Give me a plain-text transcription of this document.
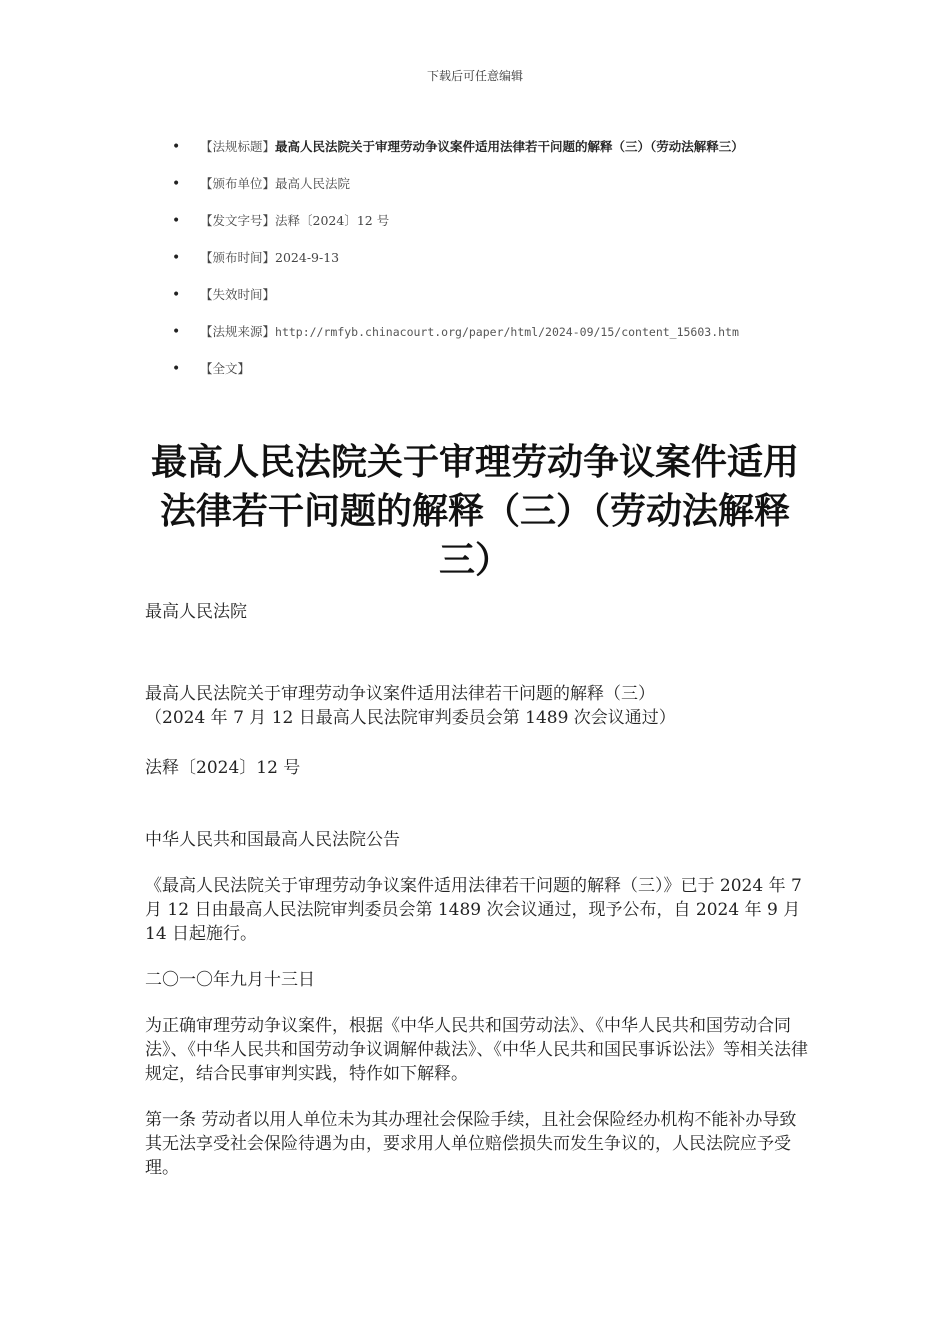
下载后可任意编辑
• 【法规标题】最高人民法院关于审理劳动争议案件适用法律若干问题的解释（三）（劳动法解释三）
• 【颁布单位】最高人民法院
• 【发文字号】法释〔2024〕12 号
• 【颁布时间】2024-9-13
• 【失效时间】
• 【法规来源】http://rmfyb.chinacourt.org/paper/html/2024-09/15/content_15603.htm
• 【全文】
最高人民法院关于审理劳动争议案件适用法律若干问题的解释（三）（劳动法解释三）

最高人民法院

最高人民法院关于审理劳动争议案件适用法律若干问题的解释（三）

（2024 年 7 月 12 日最高人民法院审判委员会第 1489 次会议通过）

法释〔2024〕12 号

中华人民共和国最高人民法院公告

《最高人民法院关于审理劳动争议案件适用法律若干问题的解释（三）》已于 2024 年 7 月 12 日由最高人民法院审判委员会第 1489 次会议通过，现予公布，自 2024 年 9 月 14 日起施行。

二〇一〇年九月十三日

为正确审理劳动争议案件，根据《中华人民共和国劳动法》、《中华人民共和国劳动合同法》、《中华人民共和国劳动争议调解仲裁法》、《中华人民共和国民事诉讼法》等相关法律规定，结合民事审判实践，特作如下解释。

第一条 劳动者以用人单位未为其办理社会保险手续，且社会保险经办机构不能补办导致其无法享受社会保险待遇为由，要求用人单位赔偿损失而发生争议的，人民法院应予受理。
